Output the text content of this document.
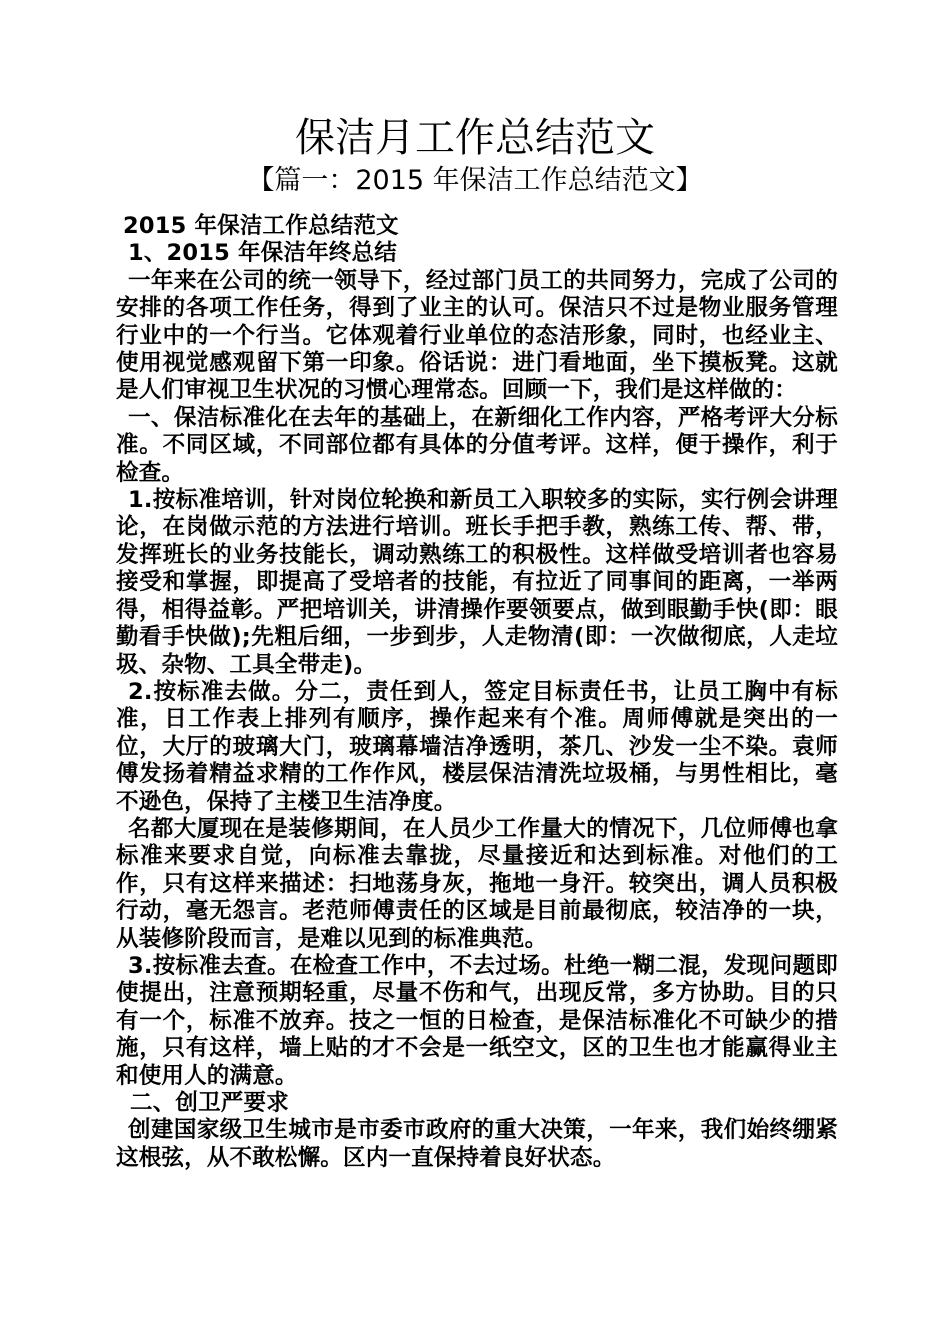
保洁月工作总结范文
【篇一：2015 年保洁工作总结范文】

2015 年保洁工作总结范文

1、2015 年保洁年终总结

一年来在公司的统一领导下，经过部门员工的共同努力，完成了公司的安排的各项工作任务，得到了业主的认可。保洁只不过是物业服务管理行业中的一个行当。它体观着行业单位的态洁形象，同时，也经业主、使用视觉感观留下第一印象。俗话说：进门看地面，坐下摸板凳。这就是人们审视卫生状况的习惯心理常态。回顾一下，我们是这样做的：

一、保洁标准化在去年的基础上，在新细化工作内容，严格考评大分标准。不同区域，不同部位都有具体的分值考评。这样，便于操作，利于检查。

1.按标准培训，针对岗位轮换和新员工入职较多的实际，实行例会讲理论，在岗做示范的方法进行培训。班长手把手教，熟练工传、帮、带，发挥班长的业务技能长，调动熟练工的积极性。这样做受培训者也容易接受和掌握，即提高了受培者的技能，有拉近了同事间的距离，一举两得，相得益彰。严把培训关，讲清操作要领要点，做到眼勤手快(即：眼勤看手快做);先粗后细，一步到步，人走物清(即：一次做彻底，人走垃圾、杂物、工具全带走)。

2.按标准去做。分二，责任到人，签定目标责任书，让员工胸中有标准，日工作表上排列有顺序，操作起来有个准。周师傅就是突出的一位，大厅的玻璃大门，玻璃幕墙洁净透明，茶几、沙发一尘不染。袁师傅发扬着精益求精的工作作风，楼层保洁清洗垃圾桶，与男性相比，毫不逊色，保持了主楼卫生洁净度。

名都大厦现在是装修期间，在人员少工作量大的情况下，几位师傅也拿标准来要求自觉，向标准去靠拢，尽量接近和达到标准。对他们的工作，只有这样来描述：扫地荡身灰，拖地一身汗。较突出，调人员积极行动，毫无怨言。老范师傅责任的区域是目前最彻底，较洁净的一块，从装修阶段而言，是难以见到的标准典范。

3.按标准去查。在检查工作中，不去过场。杜绝一糊二混，发现问题即使提出，注意预期轻重，尽量不伤和气，出现反常，多方协助。目的只有一个，标准不放弃。技之一恒的日检查，是保洁标准化不可缺少的措施，只有这样，墙上贴的才不会是一纸空文，区的卫生也才能赢得业主和使用人的满意。

二、创卫严要求

创建国家级卫生城市是市委市政府的重大决策，一年来，我们始终绷紧这根弦，从不敢松懈。区内一直保持着良好状态。
